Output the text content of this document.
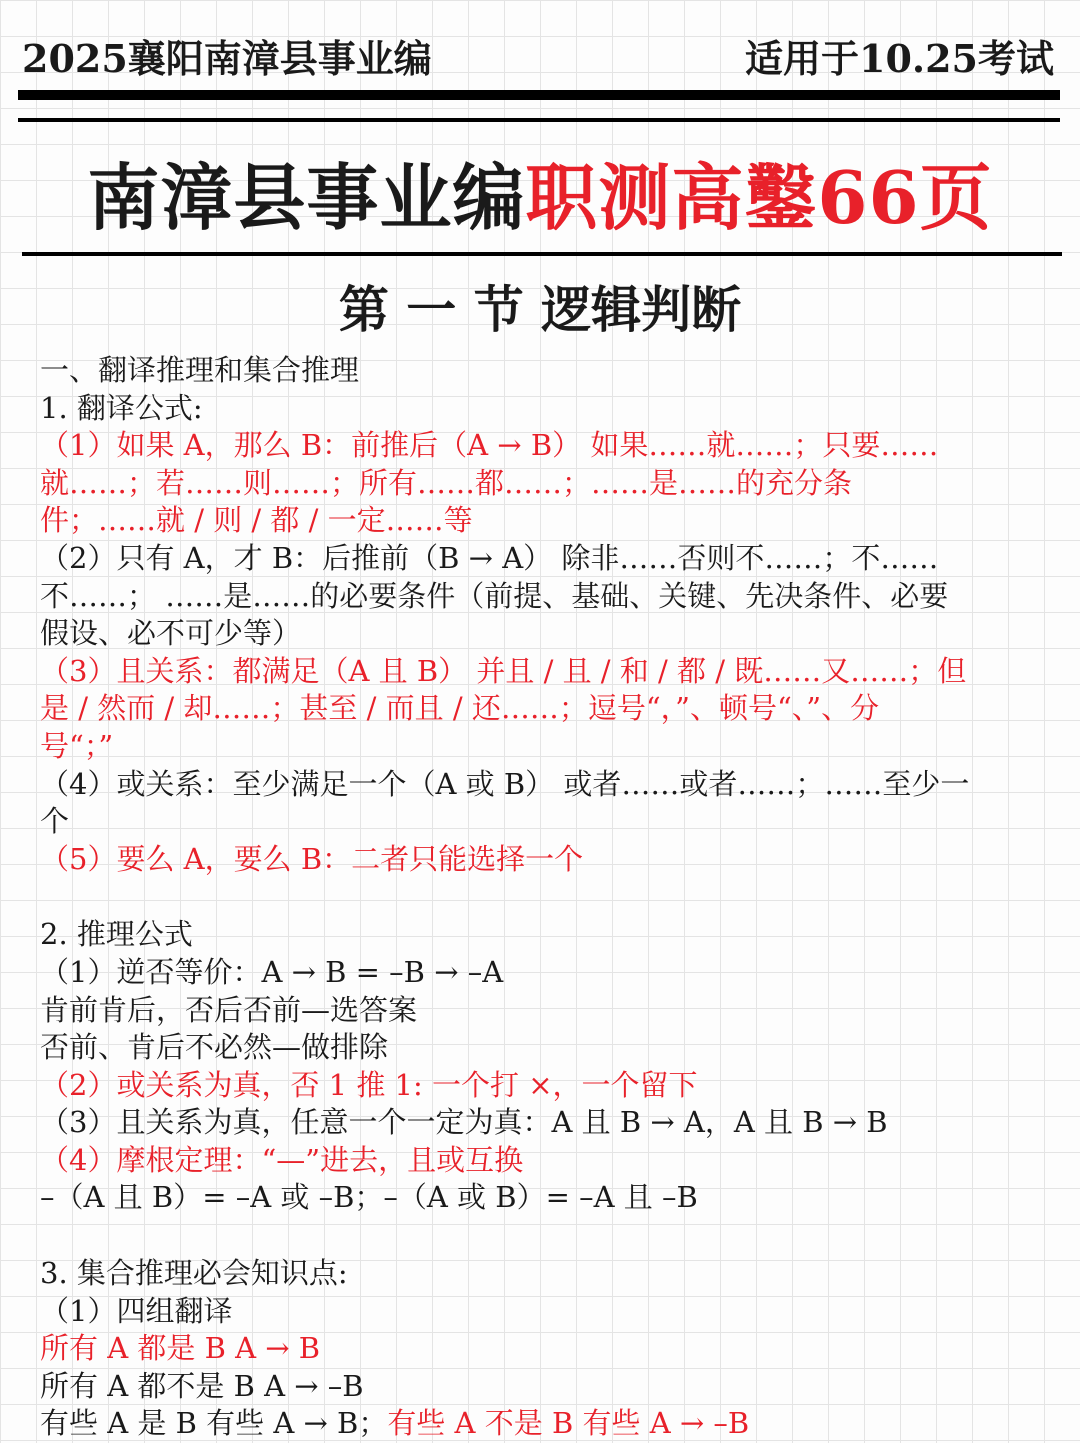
2025襄阳南漳县事业编	适用于10.25考试
南漳县事业编职测高鑿66页
第 一 节 逻辑判断
一、翻译推理和集合推理
1. 翻译公式:
（1）如果 A，那么 B：前推后（A → B） 如果……就……；只要……
就……；若……则……；所有……都……；……是……的充分条
件；……就 / 则 / 都 / 一定……等
（2）只有 A，才 B：后推前（B → A） 除非……否则不……；不……
不……； ……是……的必要条件（前提、基础、关键、先决条件、必要
假设、必不可少等）
（3）且关系：都满足（A 且 B） 并且 / 且 / 和 / 都 / 既……又……；但
是 / 然而 / 却……；甚至 / 而且 / 还……；逗号“，”、顿号“、”、分
号“；”
（4）或关系：至少满足一个（A 或 B） 或者……或者……；……至少一
个
（5）要么 A，要么 B：二者只能选择一个
2. 推理公式
（1）逆否等价：A → B = –B → –A
肯前肯后，否后否前—选答案
否前、肯后不必然—做排除
（2）或关系为真，否 1 推 1: 一个打 ×，一个留下
（3）且关系为真，任意一个一定为真：A 且 B → A，A 且 B → B
（4）摩根定理：“—”进去，且或互换
–（A 且 B）= –A 或 –B；–（A 或 B）= –A 且 –B
3. 集合推理必会知识点:
（1）四组翻译
所有 A 都是 B A → B
所有 A 都不是 B A → –B
有些 A 是 B 有些 A → B；有些 A 不是 B 有些 A → –B
